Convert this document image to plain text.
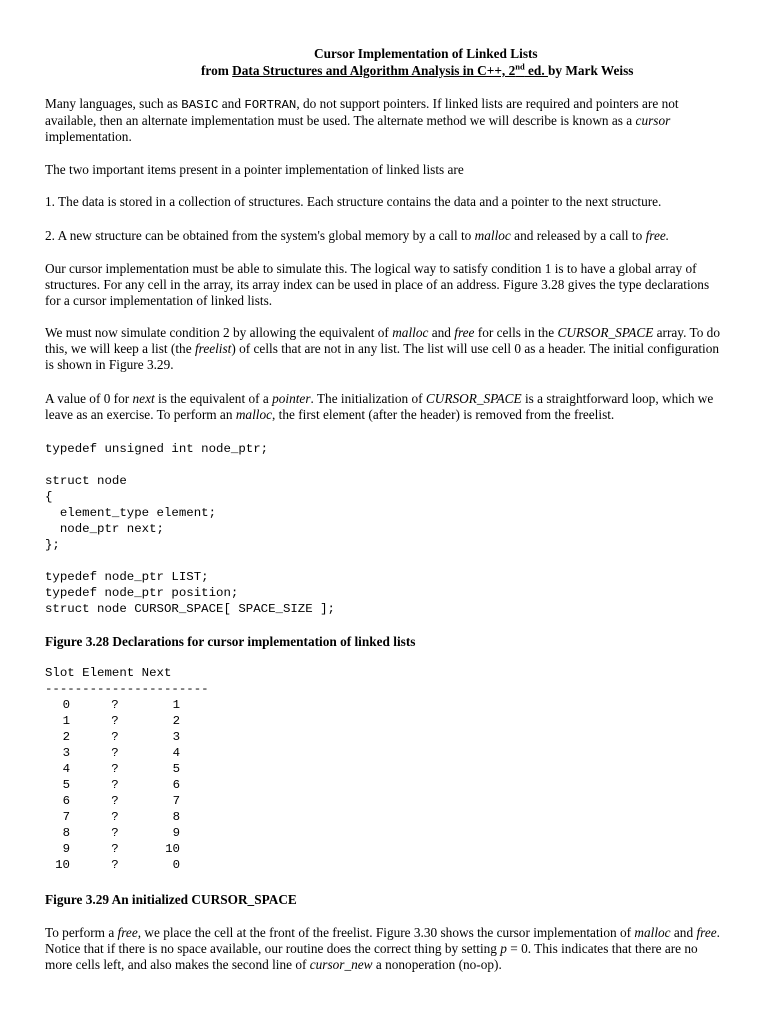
Cursor Implementation of Linked Lists
from Data Structures and Algorithm Analysis in C++, 2nd ed. by Mark Weiss
Many languages, such as BASIC and FORTRAN, do not support pointers. If linked lists are required and pointers are not available, then an alternate implementation must be used. The alternate method we will describe is known as a cursor implementation.
The two important items present in a pointer implementation of linked lists are
1. The data is stored in a collection of structures. Each structure contains the data and a pointer to the next structure.
2. A new structure can be obtained from the system's global memory by a call to malloc and released by a call to free.
Our cursor implementation must be able to simulate this. The logical way to satisfy condition 1 is to have a global array of structures. For any cell in the array, its array index can be used in place of an address. Figure 3.28 gives the type declarations for a cursor implementation of linked lists.
We must now simulate condition 2 by allowing the equivalent of malloc and free for cells in the CURSOR_SPACE array. To do this, we will keep a list (the freelist) of cells that are not in any list. The list will use cell 0 as a header. The initial configuration is shown in Figure 3.29.
A value of 0 for next is the equivalent of a pointer. The initialization of CURSOR_SPACE is a straightforward loop, which we leave as an exercise. To perform an malloc, the first element (after the header) is removed from the freelist.
typedef unsigned int node_ptr;
struct node
{
element_type element;
node_ptr next;
};
typedef node_ptr LIST;
typedef node_ptr position;
struct node CURSOR_SPACE[ SPACE_SIZE ];
Figure 3.28 Declarations for cursor implementation of linked lists
Slot Element Next
----------------------
0	?	1
1	?	2
2	?	3
3	?	4
4	?	5
5	?	6
6	?	7
7	?	8
8	?	9
9	?	10
10	?	0
Figure 3.29 An initialized CURSOR_SPACE
To perform a free, we place the cell at the front of the freelist. Figure 3.30 shows the cursor implementation of malloc and free. Notice that if there is no space available, our routine does the correct thing by setting p = 0. This indicates that there are no more cells left, and also makes the second line of cursor_new a nonoperation (no-op).
